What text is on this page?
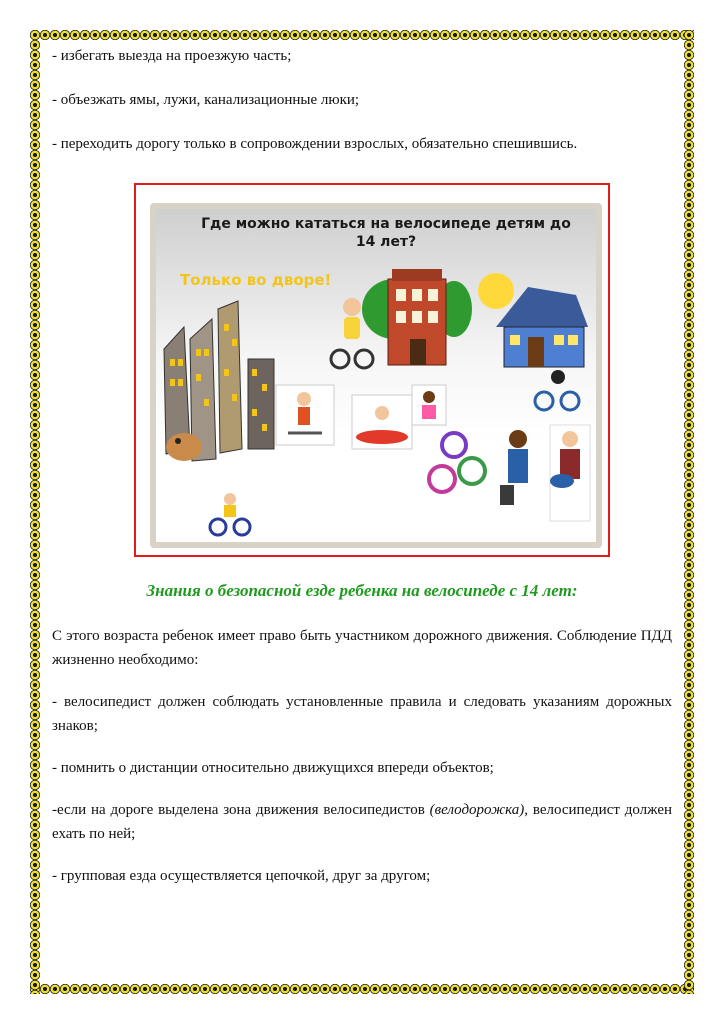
- избегать выезда на проезжую часть;

- объезжать ямы, лужи, канализационные люки;

- переходить дорогу только в сопровождении взрослых, обязательно спешившись.

Где можно кататься на велосипеде детям до 14 лет?
Только во дворе!
Знания о безопасной езде ребенка на велосипеде с 14 лет:

С этого возраста ребенок имеет право быть участником дорожного движения. Соблюдение ПДД жизненно необходимо:

- велосипедист должен соблюдать установленные правила и следовать указаниям дорожных знаков;

- помнить о дистанции относительно движущихся впереди объектов;

-если на дороге выделена зона движения велосипедистов (велодорожка), велосипедист должен ехать по ней;

- групповая езда осуществляется цепочкой, друг за другом;
